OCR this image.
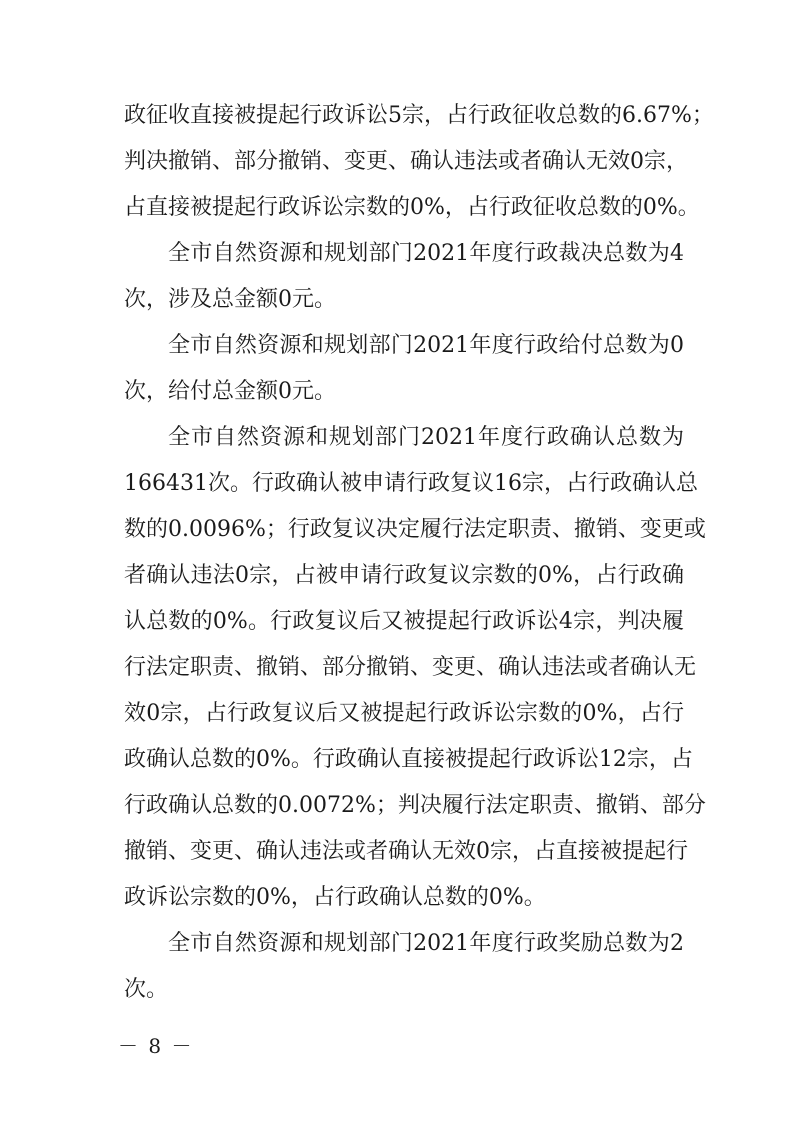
政征收直接被提起行政诉讼5宗，占行政征收总数的6.67%；
判决撤销、部分撤销、变更、确认违法或者确认无效0宗，
占直接被提起行政诉讼宗数的0%，占行政征收总数的0%。
全市自然资源和规划部门2021年度行政裁决总数为4
次，涉及总金额0元。
全市自然资源和规划部门2021年度行政给付总数为0
次，给付总金额0元。
全市自然资源和规划部门2021年度行政确认总数为
166431次。行政确认被申请行政复议16宗，占行政确认总
数的0.0096%；行政复议决定履行法定职责、撤销、变更或
者确认违法0宗，占被申请行政复议宗数的0%，占行政确
认总数的0%。行政复议后又被提起行政诉讼4宗，判决履
行法定职责、撤销、部分撤销、变更、确认违法或者确认无
效0宗，占行政复议后又被提起行政诉讼宗数的0%，占行
政确认总数的0%。行政确认直接被提起行政诉讼12宗，占
行政确认总数的0.0072%；判决履行法定职责、撤销、部分
撤销、变更、确认违法或者确认无效0宗，占直接被提起行
政诉讼宗数的0%，占行政确认总数的0%。
全市自然资源和规划部门2021年度行政奖励总数为2
次。
－ 8 －
